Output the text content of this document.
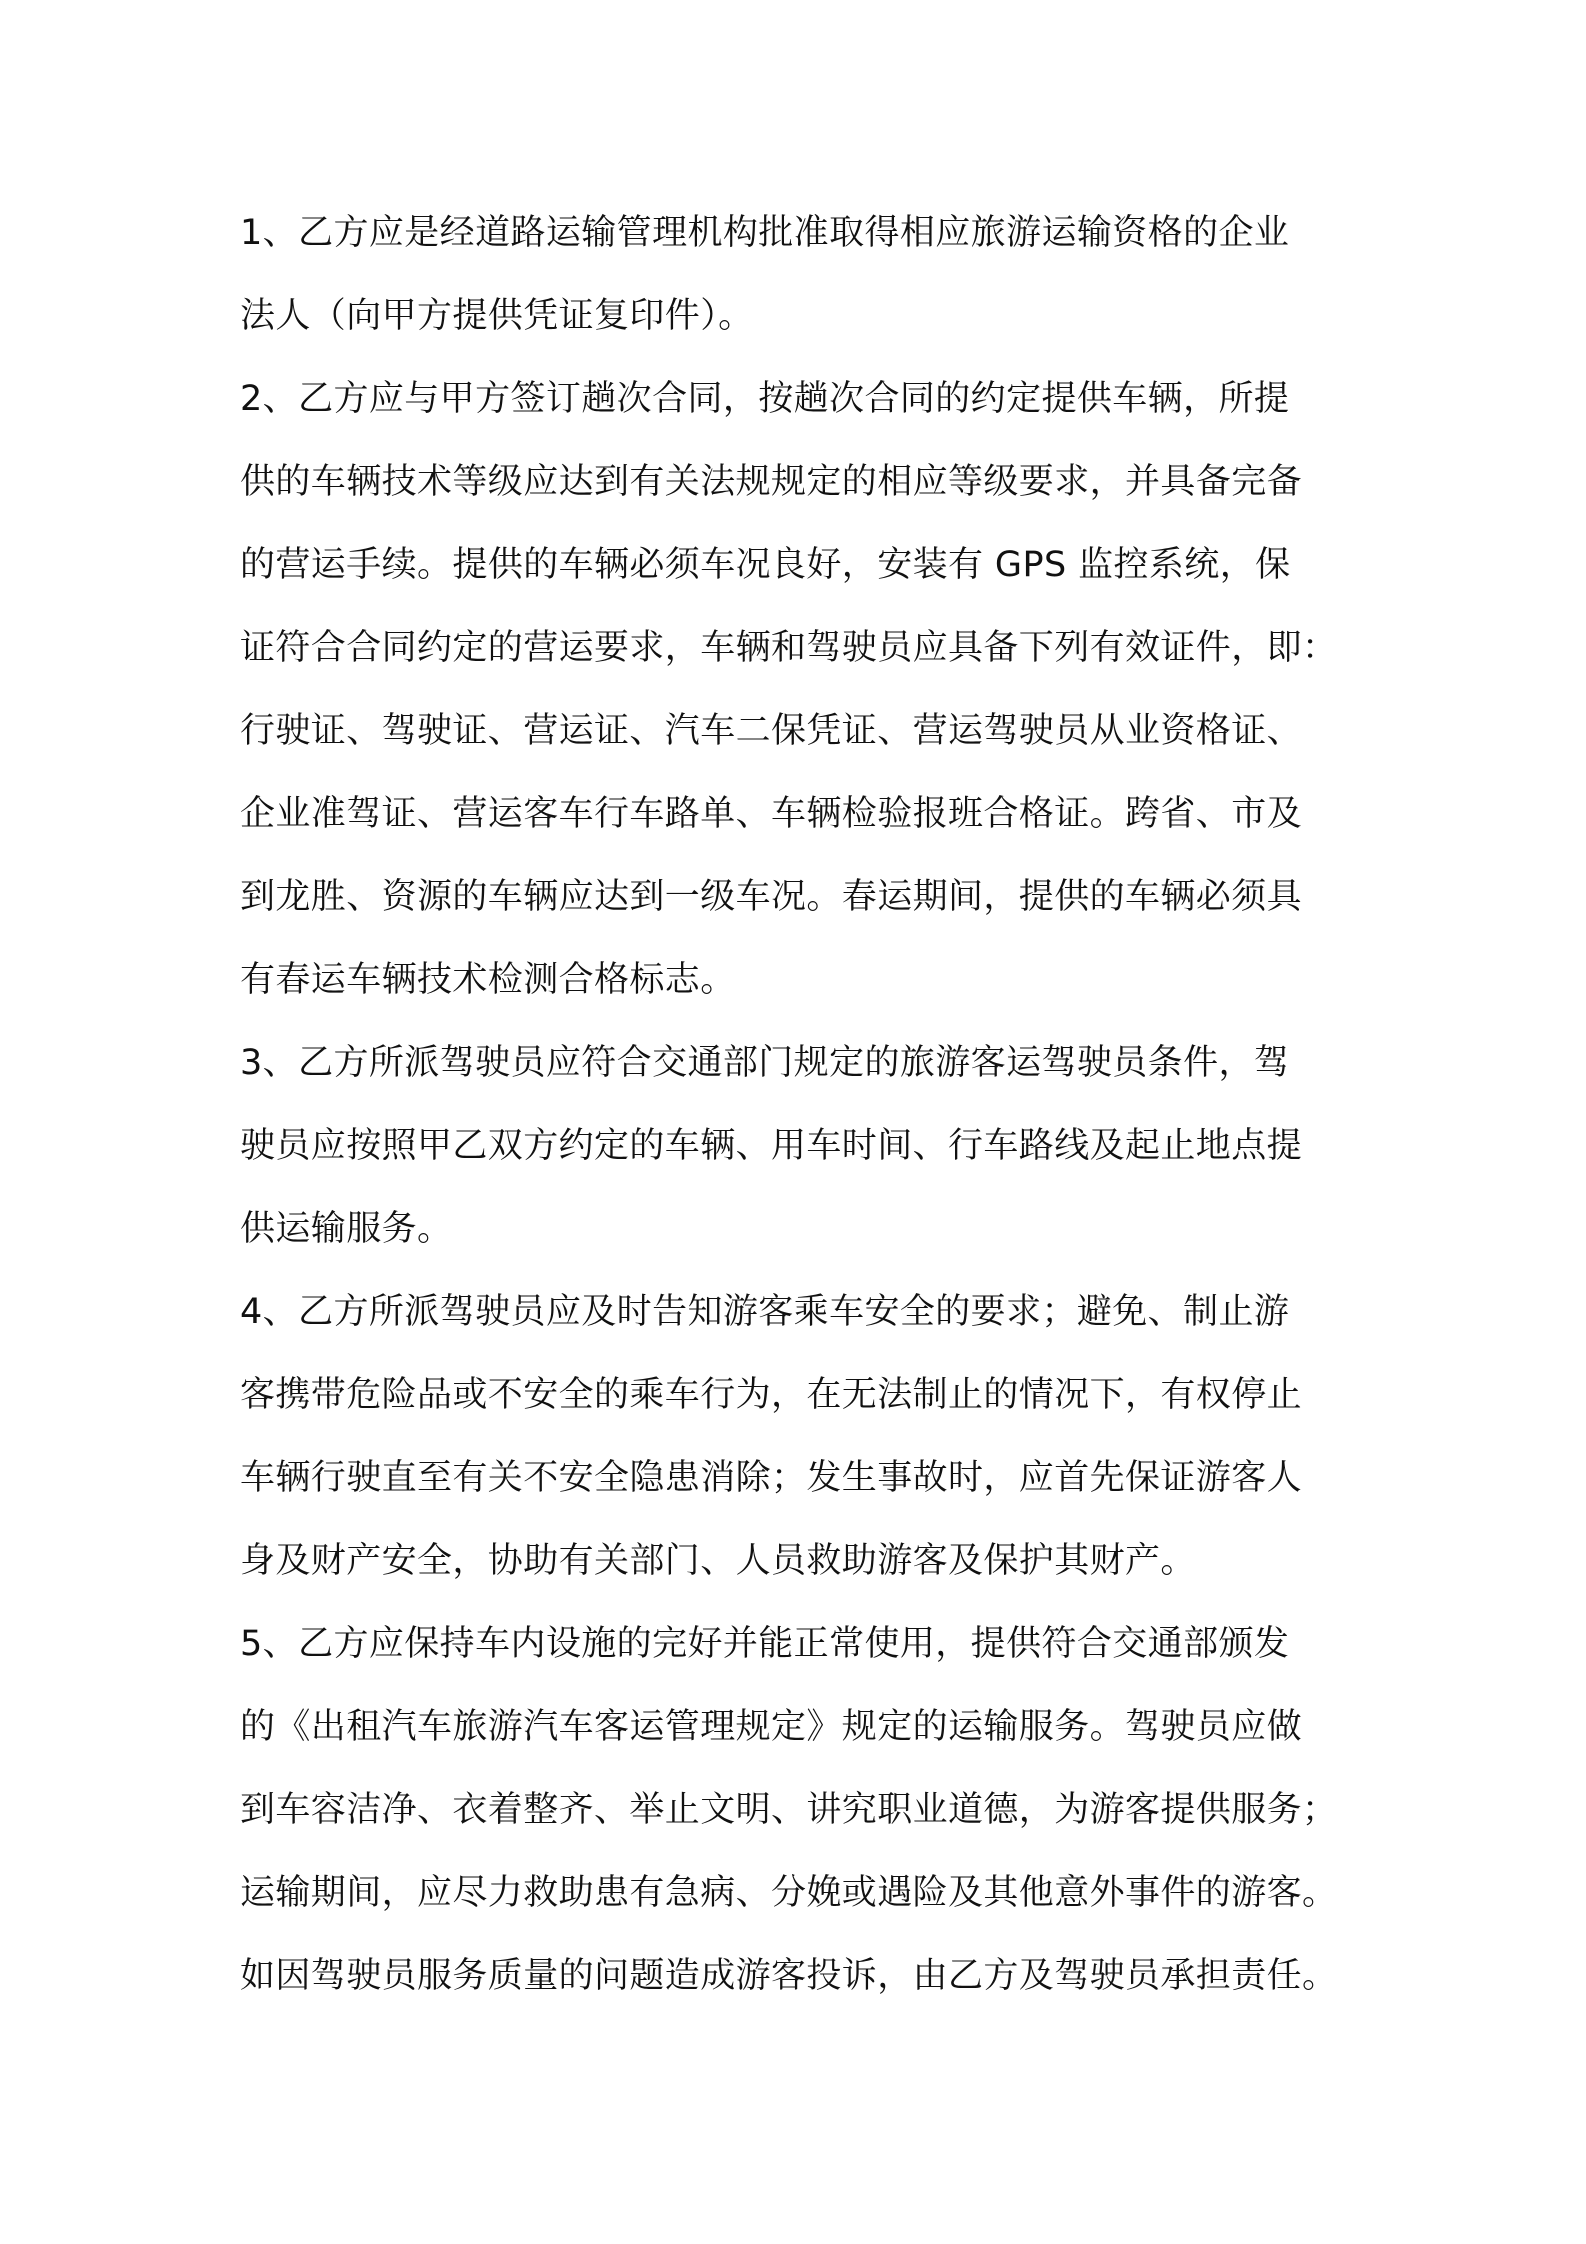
1、乙方应是经道路运输管理机构批准取得相应旅游运输资格的企业
法人（向甲方提供凭证复印件）。
2、乙方应与甲方签订趟次合同，按趟次合同的约定提供车辆，所提
供的车辆技术等级应达到有关法规规定的相应等级要求，并具备完备
的营运手续。提供的车辆必须车况良好，安装有 GPS 监控系统，保
证符合合同约定的营运要求，车辆和驾驶员应具备下列有效证件，即：
行驶证、驾驶证、营运证、汽车二保凭证、营运驾驶员从业资格证、
企业准驾证、营运客车行车路单、车辆检验报班合格证。跨省、市及
到龙胜、资源的车辆应达到一级车况。春运期间，提供的车辆必须具
有春运车辆技术检测合格标志。
3、乙方所派驾驶员应符合交通部门规定的旅游客运驾驶员条件，驾
驶员应按照甲乙双方约定的车辆、用车时间、行车路线及起止地点提
供运输服务。
4、乙方所派驾驶员应及时告知游客乘车安全的要求；避免、制止游
客携带危险品或不安全的乘车行为，在无法制止的情况下，有权停止
车辆行驶直至有关不安全隐患消除；发生事故时，应首先保证游客人
身及财产安全，协助有关部门、人员救助游客及保护其财产。
5、乙方应保持车内设施的完好并能正常使用，提供符合交通部颁发
的《出租汽车旅游汽车客运管理规定》规定的运输服务。驾驶员应做
到车容洁净、衣着整齐、举止文明、讲究职业道德，为游客提供服务；
运输期间，应尽力救助患有急病、分娩或遇险及其他意外事件的游客。
如因驾驶员服务质量的问题造成游客投诉，由乙方及驾驶员承担责任。
